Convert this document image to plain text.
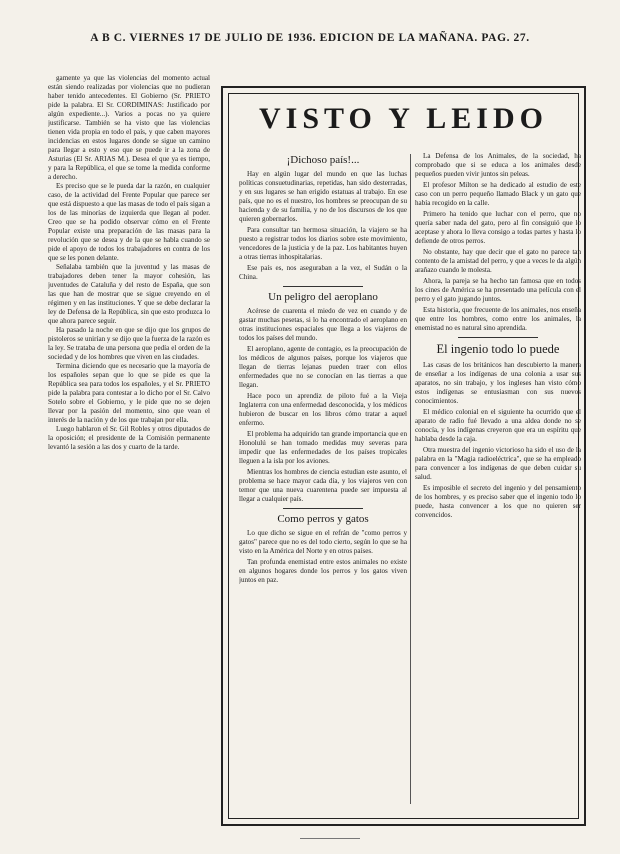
A B C. VIERNES 17 DE JULIO DE 1936. EDICION DE LA MAÑANA. PAG. 27.

gamente ya que las violencias del momento actual están siendo realizadas por violencias que no pudieran haber tenido antecedentes. El Gobierno (Sr. PRIETO pide la palabra. El Sr. CORDIMINAS: Justificado por algún expediente...). Varios a pocas no ya quiere justificarse. También se ha visto que las violencias tienen vida propia en todo el país, y que caben mayores incidencias en estos lugares donde se sigue un camino para llegar a esto y eso que se puede ir a la zona de Asturias (El Sr. ARIAS M.). Desea el que ya es tiempo, y para la República, el que se tome la medida conforme a derecho.

Es preciso que se le pueda dar la razón, en cualquier caso, de la actividad del Frente Popular que parece ser que está dispuesto a que las masas de todo el país sigan a los de las minorías de izquierda que llegan al poder. Creo que se ha podido observar cómo en el Frente Popular existe una preparación de las masas para la revolución que se desea y de la que se habla cuando se pide el apoyo de todos los trabajadores en contra de los que se les ponen delante.

Señalaba también que la juventud y las masas de trabajadores deben tener la mayor cohesión, las juventudes de Cataluña y del resto de España, que son las que han de mostrar que se sigue creyendo en el régimen y en las instituciones. Y que se debe declarar la ley de Defensa de la República, sin que esto produzca lo que ahora parece seguir.

Ha pasado la noche en que se dijo que los grupos de pistoleros se unirían y se dijo que la fuerza de la razón es la ley. Se trataba de una persona que pedía el orden de la sociedad y de los hombres que viven en las ciudades.

Termina diciendo que es necesario que la mayoría de los españoles sepan que lo que se pide es que la República sea para todos los españoles, y el Sr. PRIETO pide la palabra para contestar a lo dicho por el Sr. Calvo Sotelo sobre el Gobierno, y le pide que no se dejen llevar por la pasión del momento, sino que vean el interés de la nación y de los que trabajan por ella.

Luego hablaron el Sr. Gil Robles y otros diputados de la oposición; el presidente de la Comisión permanente levantó la sesión a las dos y cuarto de la tarde.

VISTO Y LEIDO
¡Dichoso país!...

Hay en algún lugar del mundo en que las luchas políticas consuetudinarias, repetidas, han sido desterradas, y en sus lugares se han erigido estatuas al trabajo. En ese país, que no es el nuestro, los hombres se preocupan de su hacienda y de su familia, y no de los discursos de los que quieren gobernarlos.

Para consultar tan hermosa situación, la viajero se ha puesto a registrar todos los diarios sobre este movimiento, vencedores de la justicia y de la paz. Los habitantes huyen a otras tierras inhospitalarias.

Ese país es, nos aseguraban a la vez, el Sudán o la China.

Un peligro del aeroplano

Acérese de cuarenta el miedo de vez en cuando y de gastar muchas pesetas, si lo ha encontrado el aeroplano en otras instituciones espaciales que llega a los viajeros de todos los países del mundo.

El aeroplano, agente de contagio, es la preocupación de los médicos de algunos países, porque los viajeros que llegan de tierras lejanas pueden traer con ellos enfermedades que no se conocían en las tierras a que llegan.

Hace poco un aprendiz de piloto fué a la Vieja Inglaterra con una enfermedad desconocida, y los médicos hubieron de buscar en los libros cómo tratar a aquel enfermo.

El problema ha adquirido tan grande importancia que en Honolulú se han tomado medidas muy severas para impedir que las enfermedades de los países tropicales lleguen a la isla por los aviones.

Mientras los hombres de ciencia estudian este asunto, el problema se hace mayor cada día, y los viajeros ven con temor que una nueva cuarentena puede ser impuesta al llegar a cualquier país.

Como perros y gatos

Lo que dicho se sigue en el refrán de "como perros y gatos" parece que no es del todo cierto, según lo que se ha visto en la América del Norte y en otros países.

Tan profunda enemistad entre estos animales no existe en algunos hogares donde los perros y los gatos viven juntos en paz.

La Defensa de los Animales, de la sociedad, ha comprobado que si se educa a los animales desde pequeños pueden vivir juntos sin peleas.

El profesor Milton se ha dedicado al estudio de este caso con un perro pequeño llamado Black y un gato que había recogido en la calle.

Primero ha tenido que luchar con el perro, que no quería saber nada del gato, pero al fin consiguió que lo aceptase y ahora lo lleva consigo a todas partes y hasta lo defiende de otros perros.

No obstante, hay que decir que el gato no parece tan contento de la amistad del perro, y que a veces le da algún arañazo cuando le molesta.

Ahora, la pareja se ha hecho tan famosa que en todos los cines de América se ha presentado una película con el perro y el gato jugando juntos.

Esta historia, que frecuente de los animales, nos enseña que entre los hombres, como entre los animales, la enemistad no es natural sino aprendida.

El ingenio todo lo puede

Las casas de los británicos han descubierto la manera de enseñar a los indígenas de una colonia a usar sus aparatos, no sin trabajo, y los ingleses han visto cómo estos indígenas se entusiasman con sus nuevos conocimientos.

El médico colonial en el siguiente ha ocurrido que el aparato de radio fué llevado a una aldea donde no se conocía, y los indígenas creyeron que era un espíritu que hablaba desde la caja.

Otra muestra del ingenio victorioso ha sido el uso de la palabra en la "Magia radioeléctrica", que se ha empleado para convencer a los indígenas de que deben cuidar su salud.

Es imposible el secreto del ingenio y del pensamiento de los hombres, y es preciso saber que el ingenio todo lo puede, hasta convencer a los que no quieren ser convencidos.
